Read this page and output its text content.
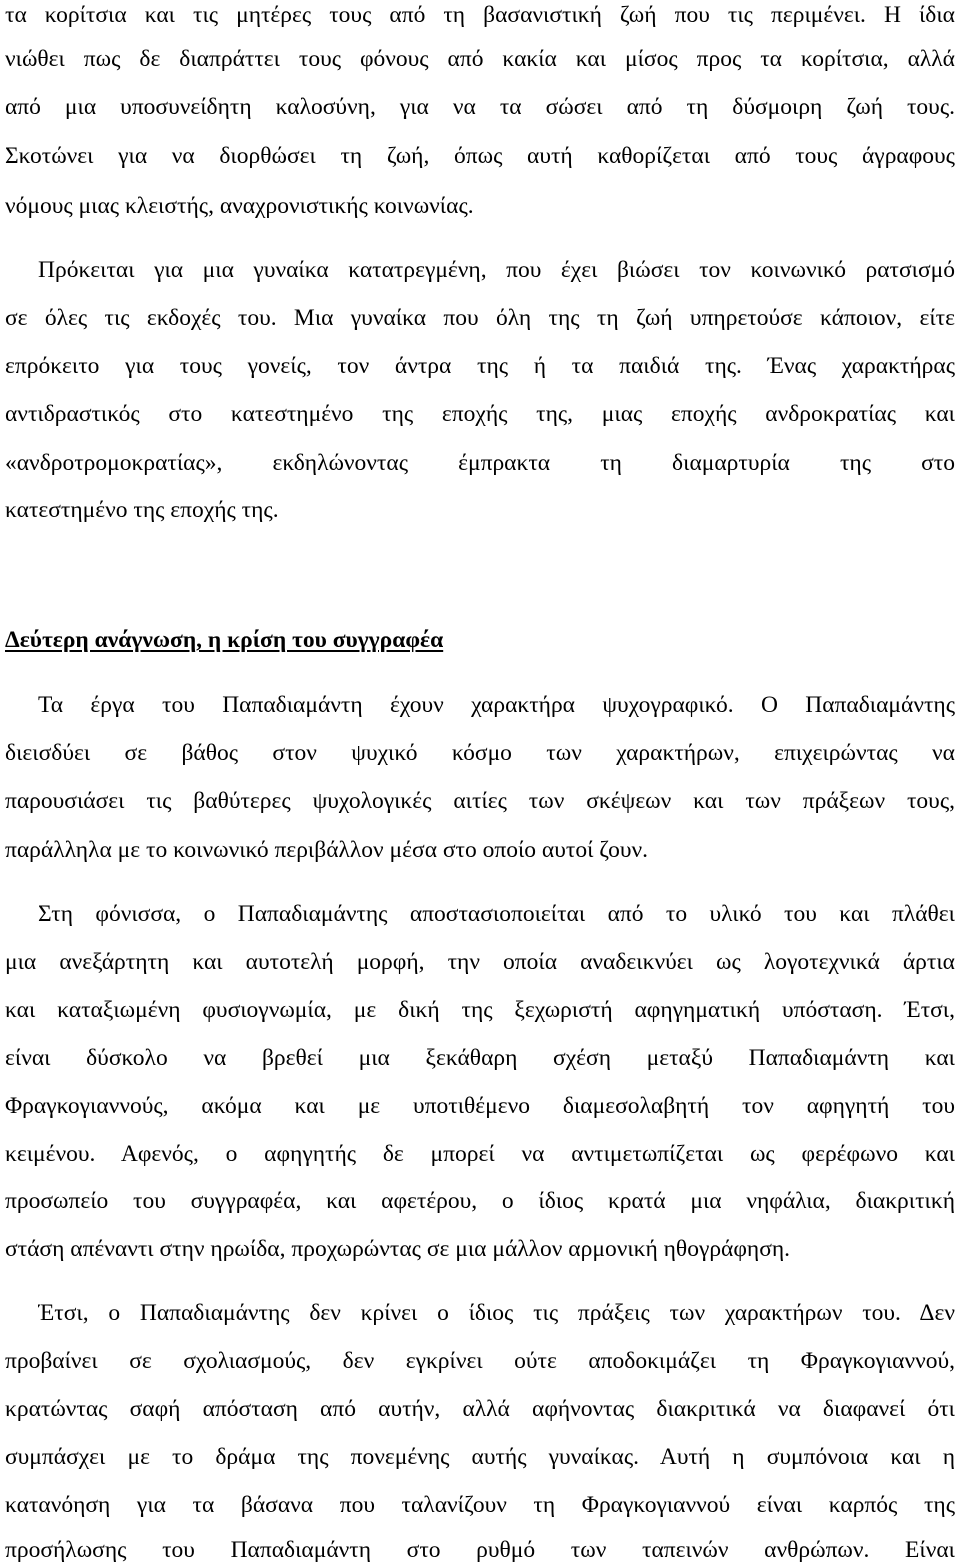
τα κορίτσια και τις μητέρες τους από τη βασανιστική ζωή που τις περιμένει. Η ίδια
νιώθει πως δε διαπράττει τους φόνους από κακία και μίσος προς τα κορίτσια, αλλά
από μια υποσυνείδητη καλοσύνη, για να τα σώσει από τη δύσμοιρη ζωή τους.
Σκοτώνει για να διορθώσει τη ζωή, όπως αυτή καθορίζεται από τους άγραφους
νόμους μιας κλειστής, αναχρονιστικής κοινωνίας.
Πρόκειται για μια γυναίκα κατατρεγμένη, που έχει βιώσει τον κοινωνικό ρατσισμό
σε όλες τις εκδοχές του. Μια γυναίκα που όλη της τη ζωή υπηρετούσε κάποιον, είτε
επρόκειτο για τους γονείς, τον άντρα της ή τα παιδιά της. Ένας χαρακτήρας
αντιδραστικός στο κατεστημένο της εποχής της, μιας εποχής ανδροκρατίας και
«ανδροτρομοκρατίας», εκδηλώνοντας έμπρακτα τη διαμαρτυρία της στο
κατεστημένο της εποχής της.
Δεύτερη ανάγνωση, η κρίση του συγγραφέα
Τα έργα του Παπαδιαμάντη έχουν χαρακτήρα ψυχογραφικό. Ο Παπαδιαμάντης
διεισδύει σε βάθος στον ψυχικό κόσμο των χαρακτήρων, επιχειρώντας να
παρουσιάσει τις βαθύτερες ψυχολογικές αιτίες των σκέψεων και των πράξεων τους,
παράλληλα με το κοινωνικό περιβάλλον μέσα στο οποίο αυτοί ζουν.
Στη φόνισσα, ο Παπαδιαμάντης αποστασιοποιείται από το υλικό του και πλάθει
μια ανεξάρτητη και αυτοτελή μορφή, την οποία αναδεικνύει ως λογοτεχνικά άρτια
και καταξιωμένη φυσιογνωμία, με δική της ξεχωριστή αφηγηματική υπόσταση. Έτσι,
είναι δύσκολο να βρεθεί μια ξεκάθαρη σχέση μεταξύ Παπαδιαμάντη και
Φραγκογιαννούς, ακόμα και με υποτιθέμενο διαμεσολαβητή τον αφηγητή του
κειμένου. Αφενός, ο αφηγητής δε μπορεί να αντιμετωπίζεται ως φερέφωνο και
προσωπείο του συγγραφέα, και αφετέρου, ο ίδιος κρατά μια νηφάλια, διακριτική
στάση απέναντι στην ηρωίδα, προχωρώντας σε μια μάλλον αρμονική ηθογράφηση.
Έτσι, ο Παπαδιαμάντης δεν κρίνει ο ίδιος τις πράξεις των χαρακτήρων του. Δεν
προβαίνει σε σχολιασμούς, δεν εγκρίνει ούτε αποδοκιμάζει τη Φραγκογιαννού,
κρατώντας σαφή απόσταση από αυτήν, αλλά αφήνοντας διακριτικά να διαφανεί ότι
συμπάσχει με το δράμα της πονεμένης αυτής γυναίκας. Αυτή η συμπόνοια και η
κατανόηση για τα βάσανα που ταλανίζουν τη Φραγκογιαννού είναι καρπός της
προσήλωσης του Παπαδιαμάντη στο ρυθμό των ταπεινών ανθρώπων. Είναι
